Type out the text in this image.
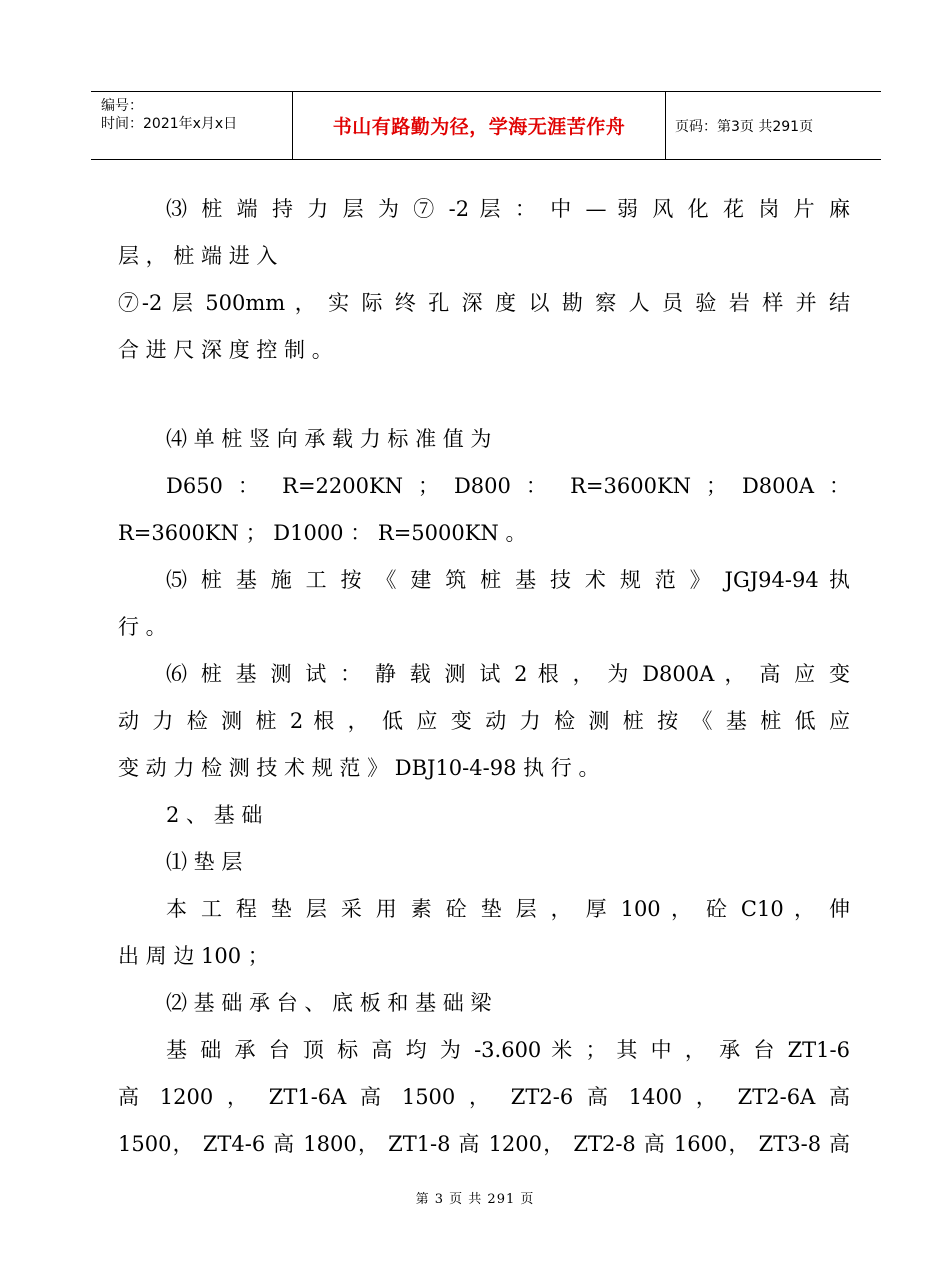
编号：
时间：2021年x月x日	书山有路勤为径，学海无涯苦作舟	页码：第3页 共291页
⑶ 桩 端 持 力 层 为 ⑦ -2 层 ： 中 — 弱 风 化 花 岗 片 麻
层 ， 桩 端 进 入
⑦-2 层 500mm ， 实 际 终 孔 深 度 以 勘 察 人 员 验 岩 样 并 结
合 进 尺 深 度 控 制 。
⑷ 单 桩 竖 向 承 载 力 标 准 值 为
D650 ： R=2200KN ； D800 ： R=3600KN ； D800A ：
R=3600KN ； D1000 ： R=5000KN 。
⑸ 桩 基 施 工 按 《 建 筑 桩 基 技 术 规 范 》 JGJ94-94 执
行 。
⑹ 桩 基 测 试 ： 静 载 测 试 2 根 ， 为 D800A ， 高 应 变
动 力 检 测 桩 2 根 ， 低 应 变 动 力 检 测 桩 按 《 基 桩 低 应
变 动 力 检 测 技 术 规 范 》 DBJ10-4-98 执 行 。
2 、 基 础
⑴ 垫 层
本 工 程 垫 层 采 用 素 砼 垫 层 ， 厚 100 ， 砼 C10 ， 伸
出 周 边 100 ；
⑵ 基 础 承 台 、 底 板 和 基 础 梁
基 础 承 台 顶 标 高 均 为 -3.600 米 ； 其 中 ， 承 台 ZT1-6
高 1200 ， ZT1-6A 高 1500 ， ZT2-6 高 1400 ， ZT2-6A 高
1500， ZT4-6 高 1800， ZT1-8 高 1200， ZT2-8 高 1600， ZT3-8 高
第 3 页 共 291 页
